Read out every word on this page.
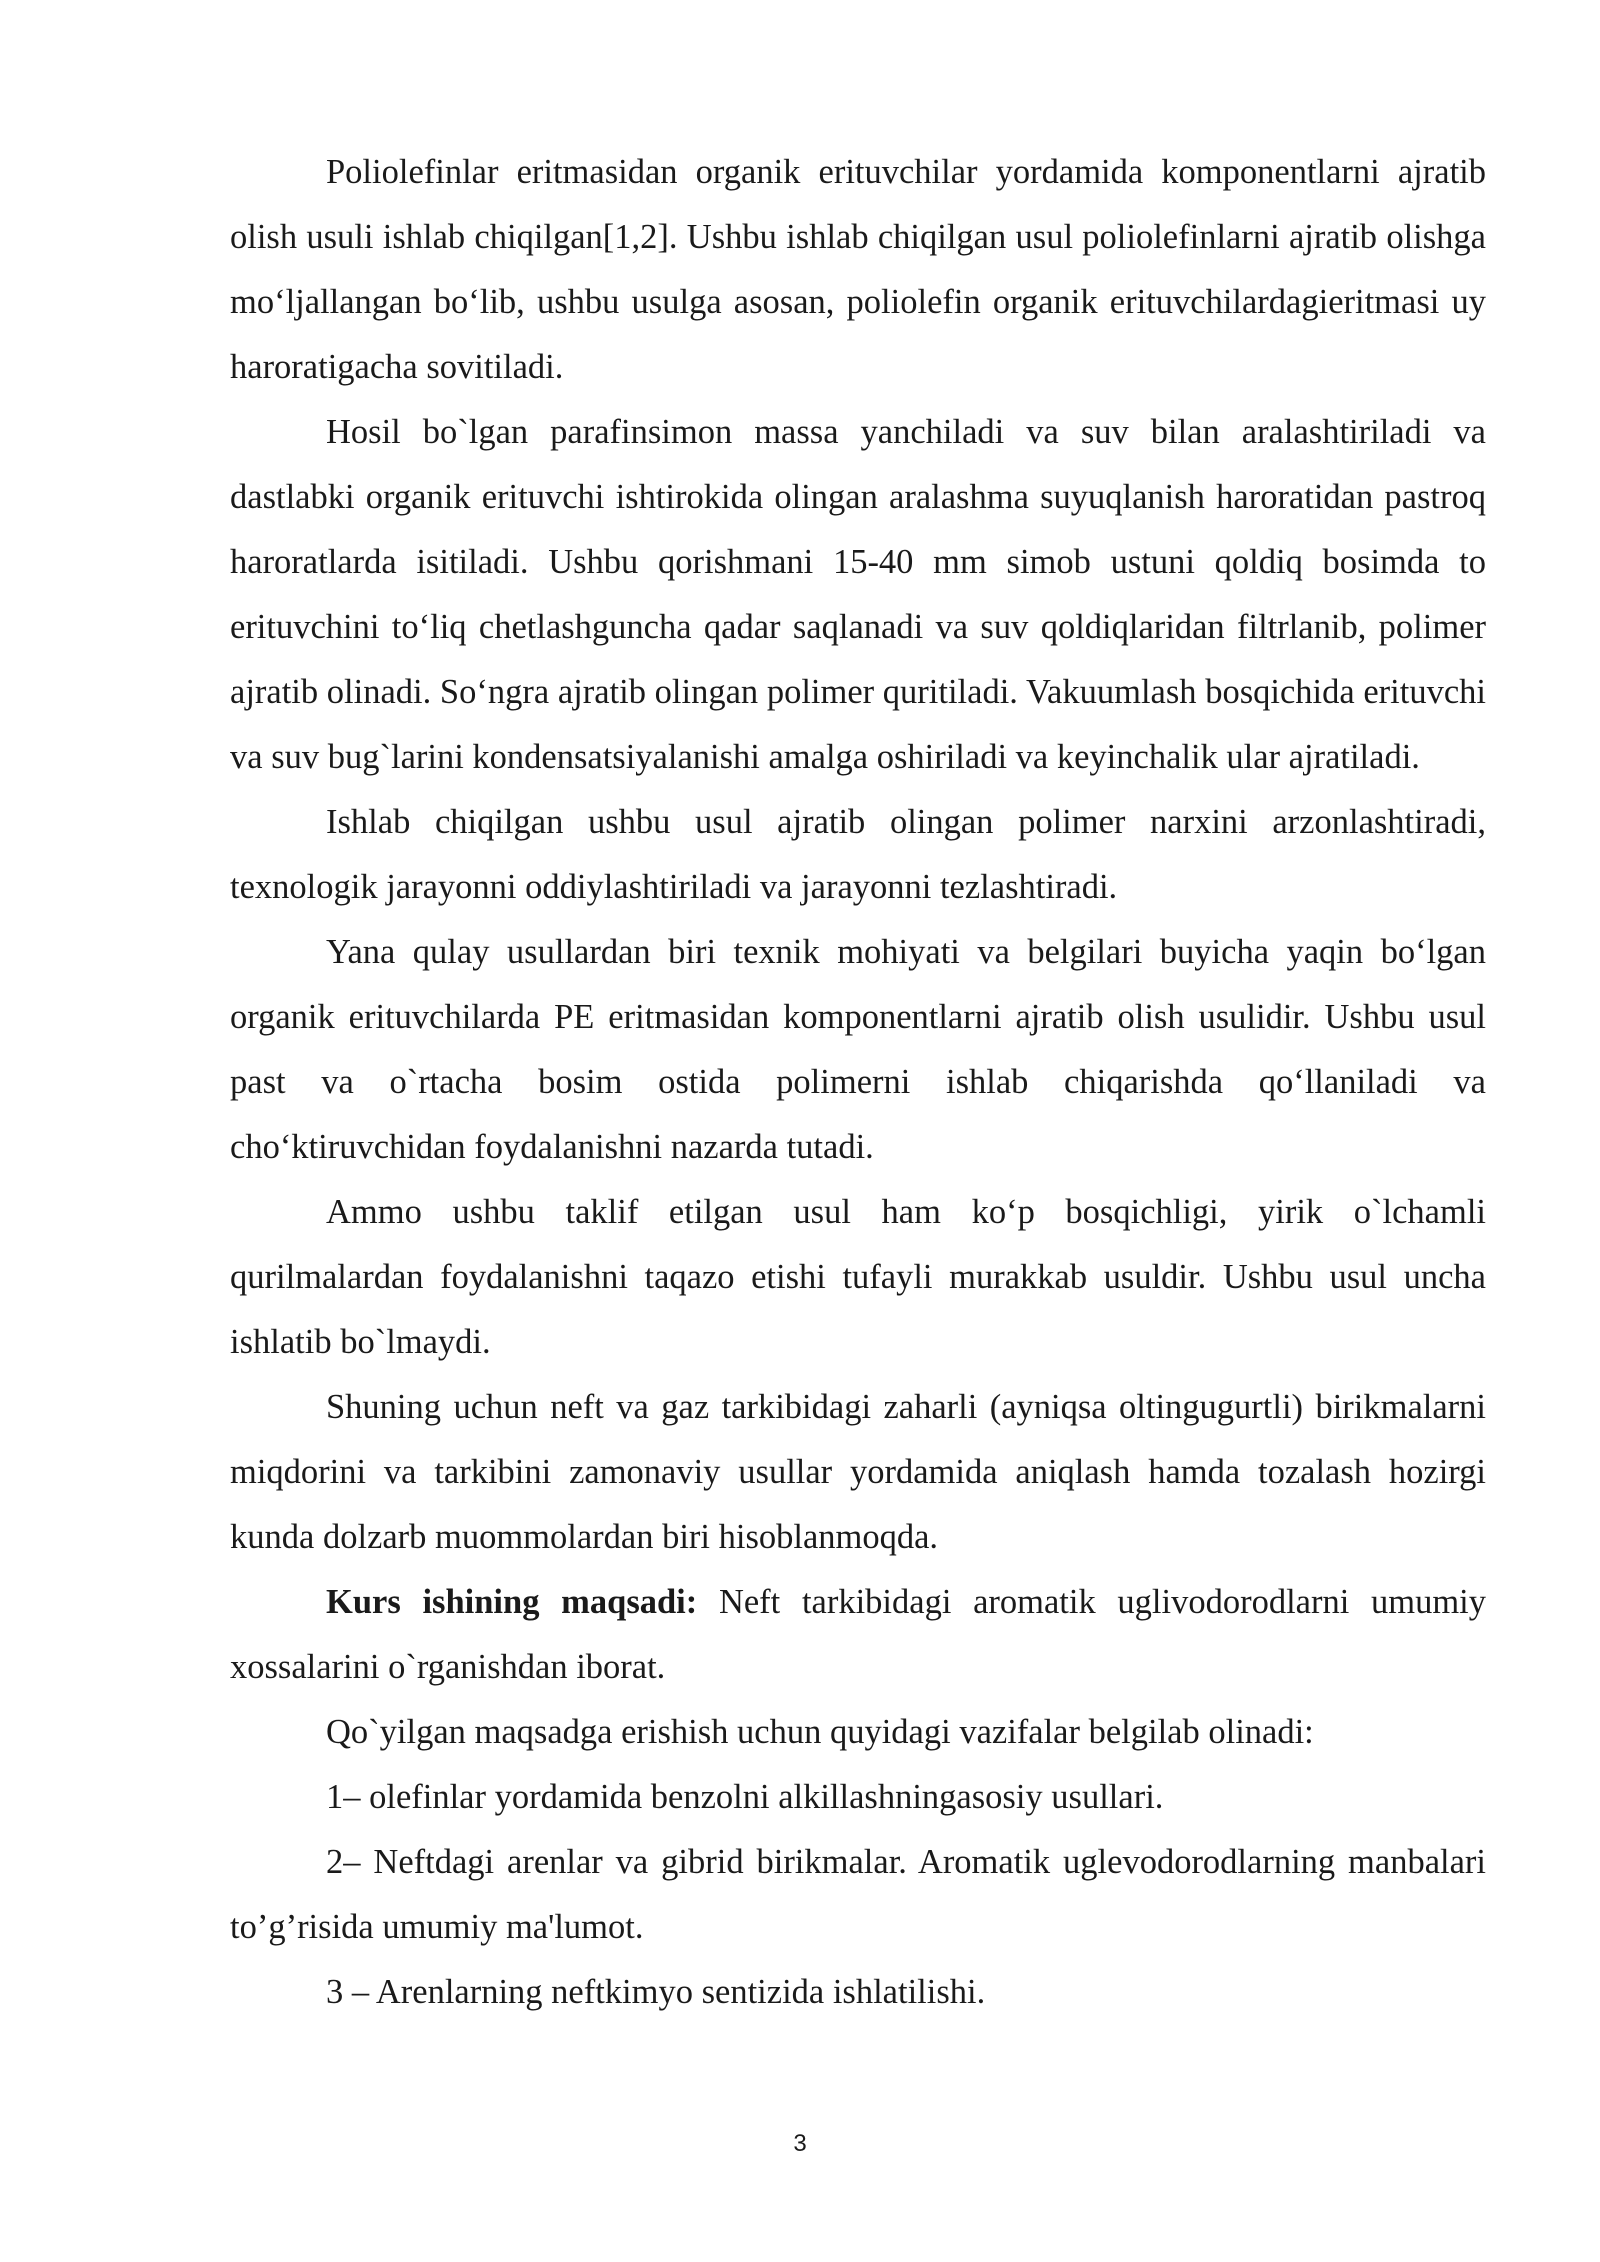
Poliolefinlar eritmasidan organik erituvchilar yordamida komponentlarni ajratib olish usuli ishlab chiqilgan[1,2]. Ushbu ishlab chiqilgan usul poliolefinlarni ajratib olishga mo‘ljallangan bo‘lib, ushbu usulga asosan, poliolefin organik erituvchilardagieritmasi uy haroratigacha sovitiladi.

Hosil bo`lgan parafinsimon massa yanchiladi va suv bilan aralashtiriladi va dastlabki organik erituvchi ishtirokida olingan aralashma suyuqlanish haroratidan pastroq haroratlarda isitiladi. Ushbu qorishmani 15-40 mm simob ustuni qoldiq bosimda to erituvchini to‘liq chetlashguncha qadar saqlanadi va suv qoldiqlaridan filtrlanib, polimer ajratib olinadi. So‘ngra ajratib olingan polimer quritiladi. Vakuumlash bosqichida erituvchi va suv bug`larini kondensatsiyalanishi amalga oshiriladi va keyinchalik ular ajratiladi.

Ishlab chiqilgan ushbu usul ajratib olingan polimer narxini arzonlashtiradi, texnologik jarayonni oddiylashtiriladi va jarayonni tezlashtiradi.

Yana qulay usullardan biri texnik mohiyati va belgilari buyicha yaqin bo‘lgan organik erituvchilarda PE eritmasidan komponentlarni ajratib olish usulidir. Ushbu usul past va o`rtacha bosim ostida polimerni ishlab chiqarishda qo‘llaniladi va cho‘ktiruvchidan foydalanishni nazarda tutadi.

Ammo ushbu taklif etilgan usul ham ko‘p bosqichligi, yirik o`lchamli qurilmalardan foydalanishni taqazo etishi tufayli murakkab usuldir. Ushbu usul uncha ishlatib bo`lmaydi.

Shuning uchun neft va gaz tarkibidagi zaharli (ayniqsa oltingugurtli) birikmalarni miqdorini va tarkibini zamonaviy usullar yordamida aniqlash hamda tozalash hozirgi kunda dolzarb muommolardan biri hisoblanmoqda.

Kurs ishining maqsadi: Neft tarkibidagi aromatik uglivodorodlarni umumiy xossalarini o`rganishdan iborat.

Qo`yilgan maqsadga erishish uchun quyidagi vazifalar belgilab olinadi:

1– olefinlar yordamida benzolni alkillashningasosiy usullari.

2– Neftdagi arenlar va gibrid birikmalar. Aromatik uglevodorodlarning manbalari to’g’risida umumiy ma'lumot.

3 – Arenlarning neftkimyo sentizida ishlatilishi.

3
